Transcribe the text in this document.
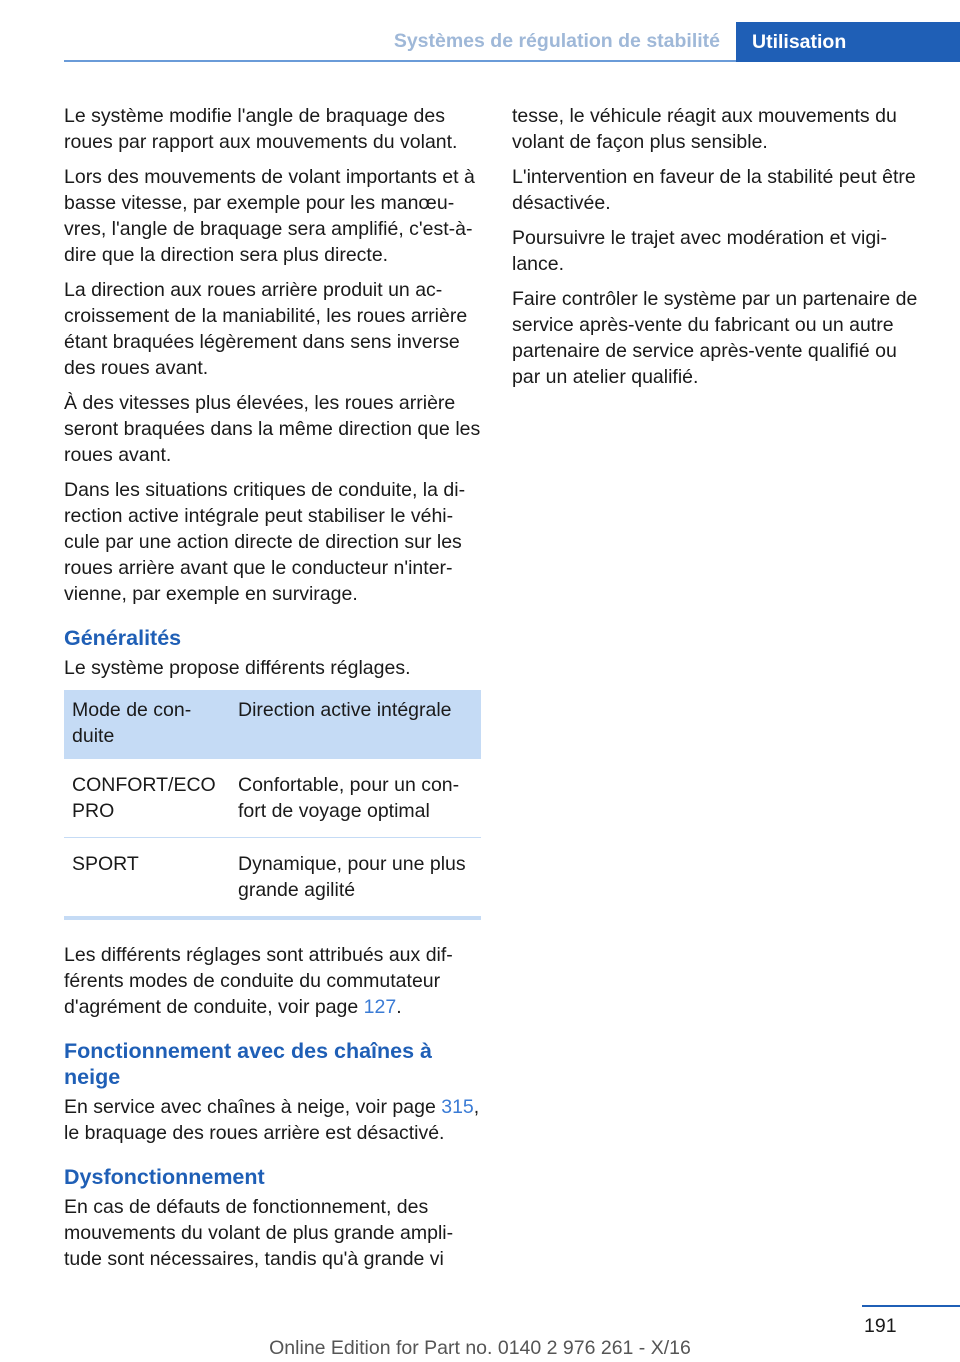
Systèmes de régulation de stabilité	Utilisation

Le système modifie l'angle de braquage des roues par rapport aux mouvements du volant.

Lors des mouvements de volant importants et à basse vitesse, par exemple pour les manœuvres, l'angle de braquage sera amplifié, c'est-à-dire que la direction sera plus directe.

La direction aux roues arrière produit un accroissement de la maniabilité, les roues arrière étant braquées légèrement dans sens inverse des roues avant.

À des vitesses plus élevées, les roues arrière seront braquées dans la même direction que les roues avant.

Dans les situations critiques de conduite, la direction active intégrale peut stabiliser le véhicule par une action directe de direction sur les roues arrière avant que le conducteur n'intervienne, par exemple en survirage.

Généralités

Le système propose différents réglages.

Mode de conduite	Direction active intégrale
CONFORT/ECO PRO	Confortable, pour un confort de voyage optimal
SPORT	Dynamique, pour une plus grande agilité

Les différents réglages sont attribués aux différents modes de conduite du commutateur d'agrément de conduite, voir page 127.

Fonctionnement avec des chaînes à neige

En service avec chaînes à neige, voir page 315, le braquage des roues arrière est désactivé.

Dysfonctionnement

En cas de défauts de fonctionnement, des mouvements du volant de plus grande amplitude sont nécessaires, tandis qu'à grande vi

tesse, le véhicule réagit aux mouvements du volant de façon plus sensible.

L'intervention en faveur de la stabilité peut être désactivée.

Poursuivre le trajet avec modération et vigilance.

Faire contrôler le système par un partenaire de service après-vente du fabricant ou un autre partenaire de service après-vente qualifié ou par un atelier qualifié.

191
Online Edition for Part no. 0140 2 976 261 - X/16
